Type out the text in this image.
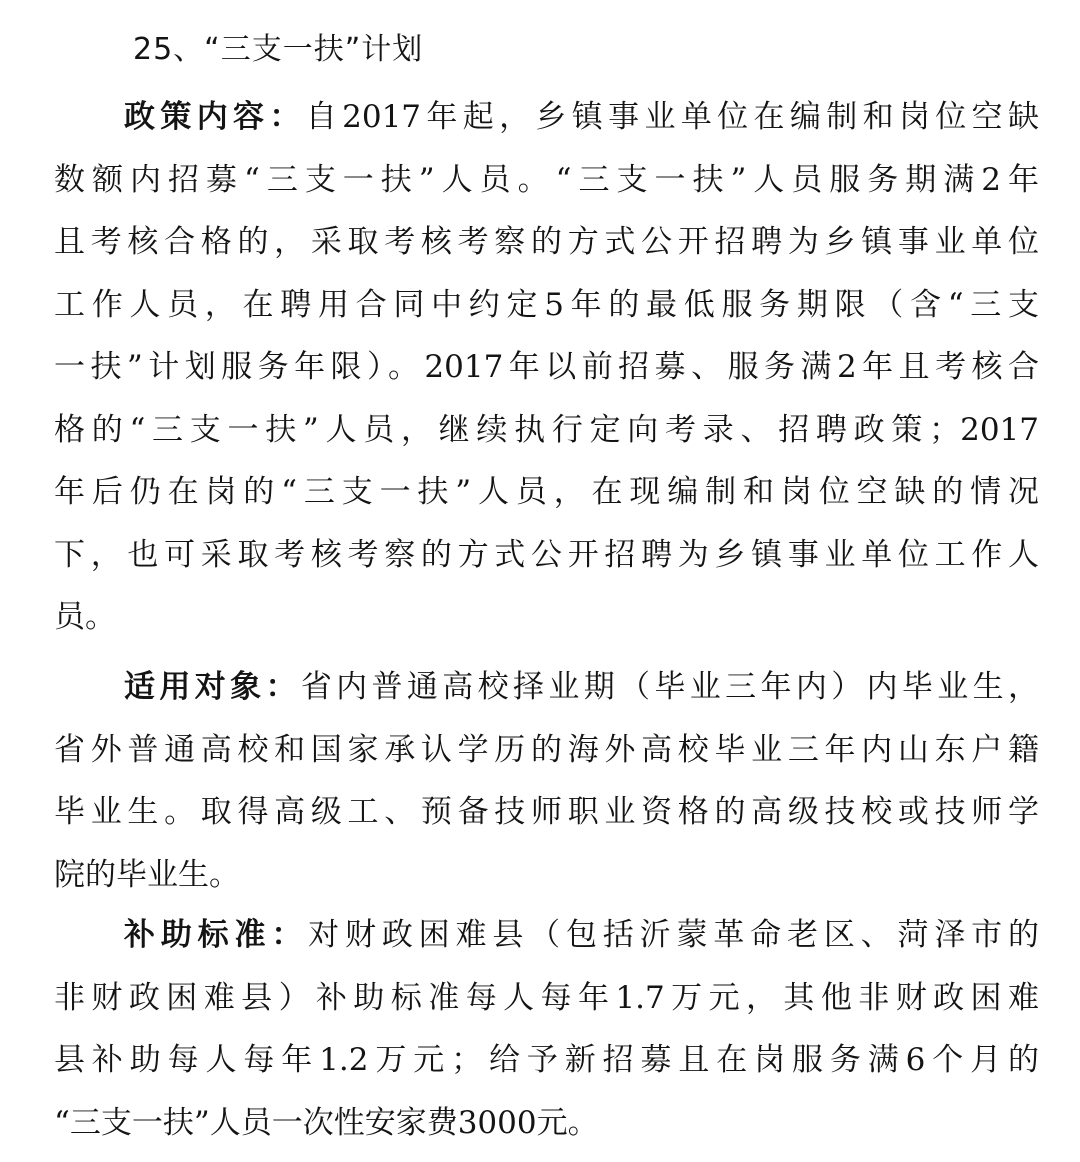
25、“三支一扶”计划
政策内容：自2017年起，乡镇事业单位在编制和岗位空缺
数额内招募“三支一扶”人员。“三支一扶”人员服务期满2年
且考核合格的，采取考核考察的方式公开招聘为乡镇事业单位
工作人员，在聘用合同中约定5年的最低服务期限（含“三支
一扶”计划服务年限）。2017年以前招募、服务满2年且考核合
格的“三支一扶”人员，继续执行定向考录、招聘政策；2017
年后仍在岗的“三支一扶”人员，在现编制和岗位空缺的情况
下，也可采取考核考察的方式公开招聘为乡镇事业单位工作人
员。
适用对象：省内普通高校择业期（毕业三年内）内毕业生，
省外普通高校和国家承认学历的海外高校毕业三年内山东户籍
毕业生。取得高级工、预备技师职业资格的高级技校或技师学
院的毕业生。
补助标准：对财政困难县（包括沂蒙革命老区、菏泽市的
非财政困难县）补助标准每人每年1.7万元，其他非财政困难
县补助每人每年1.2万元；给予新招募且在岗服务满6个月的
“三支一扶”人员一次性安家费3000元。
